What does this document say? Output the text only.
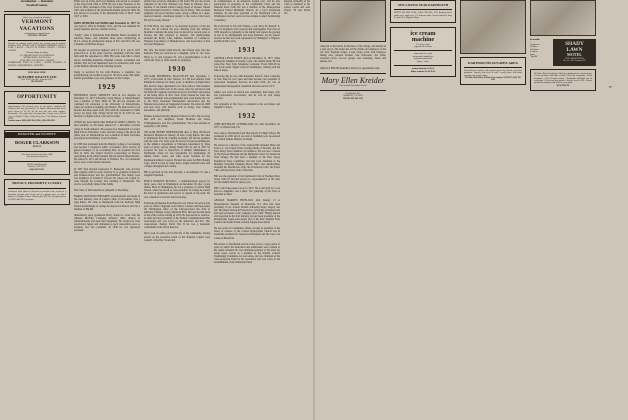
Graduation — Reunions
Football Games
Rent a new, completely furnished
VERMONT
VACATIONS
condominium or upgrade home
• WINTER • SEASON
Payment of minimal family based low periods and all facilities including TWO 18-HOLE GOLF COURSES SWIMMING POOLS • LAKE • BOATS • BEACH 66 TENNIS COURTS • PADDLE COURTS
Nominal charge for riding
51-7 MILLION DOLLAR CLUBHOUSE
WHERE SHOW • BACK ALSO
AVAILABLE ALL SEASON • 2 BEDRM
SUMMERSIDE POOLS & LAKES • WATER WARMTH AT SOURCE CONDOMINIUM • PROPERTY
FREE BROCHURE
QUECHEE REALTY LTD
Box 52596, Quechee, Vermont 05059
802-295-9397
OPPORTUNITY
Approximately 216 elevated acres in one parcel, bounding Mt. Ascutney Ski Area, Brownsville, Vt. Superb valley/mountain views. Good access to Vt. Rt. 44 ski area and area main entrance. Reasonable. Also, eight choice developed lots. Contact owner, MASA Corp, c/o Walter C. Paine, Valley News, Box 5714, Wharton, Vermont 05000.
Contact owner. (802) 649-1381, (0501), (603) 298-8311.
HANOVER and VICINITY
ROGER CLARKSON
Realtor
"Our Professional Service Since 1944"
Your Investment Deserves
303 Meredith Marks Rd.
Hanover, N.H. 03755
(603)-643-5974-1
PRIVACY, PROXIMITY, LUXURY
5-bedroom Deck House in Norwich on wooded in the woods on a bermudas, beached pond at the end of a private road, yet only 4 minutes to Hopkins Center. Unbelievable! $97,500. By appointment. Call (802) 649-1381, no agents.
86
Eddie was an active and loyal alumnus and served as treasurer of the Class from 1954 to 1978. He was Class Treasurer of the Year in 1965, president of the Class Treasurers' Association in 1967, and recipient of the Dartmouth Alumni Award in 1969. He also served as secretary of the Dartmouth Club of M.I.T. from 1927 to 1929.
JOHN WEBSTER SAUNDERS died November 21, 1977. He was born in 1904 in Franklin, N.H., and his son Jonathan M. (Jack) Saunders and two children survive.
"Sandy" came to Dartmouth from Phillips Exeter Academy in Andover, Mass., and remained three years, transferring to M.I.T., where he obtained the degree of B.S. and M.Sc. He was a member of Phi Beta Kappa.
He became an electrical engineer with I.T. & T. and in 1937 joined R.C.A. in the same capacity, remaining with the same firm until his retirement in 1969. His work took him to many places, including Argentina, England, Canada, Greenland, and Atlanta. The two last mentioned were in connection with work on the Ballistic Missile Early Warning System.
Sandy is survived by his wife Barbara, a daughter, two grandchildren, his brother George H. '26 and a sister, His father and his grandfather were also graduates of the College.
1929
FREDERICK DALE SMEDLEY died in Los Angeles on December 15, 1977 following a long illness, as Massachusetts was a member of Beta Theta Pi. He did not graduate but continued his education at the University of Pennsylvania, where he studied accounting and finance. He then served as an Internal Revenue agent from 1941 until his retirement in 1968, except for many duty during World War II. In 1937 he was married to Virginia Linck, who survives him.
WOOD has been married that DONALD JAMES CHILDS, 70, died suddenly on the home entered 67 a December vacation cruise in South America. He prepared for Dartmouth at Crosby High School, Waterbury, Conn., and left college at the end of his junior year. At Dartmouth he was a member of Delta Tau Delta and played in the Barbary Coast Orchestra.
In 1930 Don graduated from the Bentley College of Accounting and became a registered public accountant. After serving as general manager of an accounting firm, he acquired his own firm in 1945, the United Services Corporation of Boston, specializing in the small business field in eastern Massachusetts. He retired in 1974 and moved to Elsmere, Fla., for retirement and to carry on his musical interests.
In 1937 Don married Genevieve E. Bukowski, who survives him, together with two sons, Lindsay N. A. graduate of America and brothers-in-law and two grandchildren. The family were also neighbors of Lilland E. Powers '26, whose son Lyland Jr., went through the recently first building of Dartmouth. The service was wholly mine, in his family.
The Class of 1929 extends its sympathy to the family.
HARRY ATKINSON FORSGREN, an industrialist and leader in the steel industry, died in Ludlow, Ohio, in November after a long illness. He came to Dartmouth from the Peabody High School in Pittsburgh, in college he majored in history and was a member of Phi Phi.
Immediately upon graduation Harry started to work with the Alliance Machine Company, Alliance, Ohio, makers of transformations and steel mill equipment. He worked up from electrician's helper and draftsman to such responsible posts as treasurer and vice president. In 1950 he was appointed president.
and he later served as chairman of the board. He was also board chairman of the First National City Bank in Alliance and a member of the Mount Union College board of trustees. Mount Union President Ronald G. Weber said of Harry, "His excellent judgment and good business sense, always offered in a quiet, reserved manner, contributed greatly to the work of the board. He will be sorely missed."
In 1934 Harry was asked to be Assistant Secretary of the Air Force, but he refused the post. Retiring from the Alliance Machine Company the same year, he moved for several years to Tucson, but then returned to Alliance. His memberships included the Rotary Club, Alliance Chamber of Commerce, National Association of Manufacturers, and Associates of Iron and Steel Engineers.
His wife, the former Ruth Purcell, died fifteen days after her husband. They are survived by a daughter, Lynn O., two sons, Harry A., Jr. and Laurence W., and a granddaughter, to all of whom the Class of 1929 extends its sympathy.
1930
WILLIAM FREDERICK BLAUVELDT died December 1, 1977, at his home in New Vernon, N.J. He had suffered from Parkinson's Disease for many years. A member of Alpha Delta Phi, and his major department was Tuck School. This business training served him well in his career, since he advanced with the Shell Oil Company and then moved to the Ethyl Corporation at the home office in New York. From Guinea he went into industrial relations and organizational plan work during the war at the Navy Personnel Management Association and the National Association of Suggestion Systems. He retired in 1968 and kept busy with hobbies such as bridge, bass fishing, horseshoes, and philately.
Besides married Dorothy Maxine Wilson in 1933. She survives him with two daughters, Diane Beaulieu and Dawn O'Shaughnessey, and five grandchildren. The Class extends its sympathy to the family.
WILLIAM HENRY HEIDENKAMP died at Mary Hitchcock Memorial Hospital on January 19 after a long illness. He came to Dartmouth from the Cushing Academy, but did not graduate with the class. For some years he served as head groundskeeper in the athletics department at Princeton interrupted by three years of Army service during World War II, and in 1957 he accepted the post of Supervisor of Athletic Maintenance at Dartmouth, where he was responsible for maintaining all athletic fields, tracks, and other sports facilities for the Dartmouth Athletic Council. He held the posts for Bill's Batting Cage, which is used by many major league baseball teams and colleges throughout the country.
Bill is survived by his wife Dorothy, a son Michael '72, and a daughter Elizabeth.
PERCY HOSKINS RUSSELL, a communications lawyer for many years, died in Washington on December 30 after a long illness. Born in Washington, he was a graduate of Central High School, where he served as class president. In college he earned his letter in gymnastics and served as captain of the team. He was a member of Zeta Psi and Green Key.
Following graduation from Harvard Law School, he served four years as clerk to Supreme Court Justice Cardozo and then joined the Washington office of the Chicago-based law firm of Kirkland, Fleming, Green, Martin & Ellis. He later became head of the office before retiring in 1974. He had served as solicitor-in-chief and later president of the Federal Communications Bar Association and was active in the American and D.C. Bar Associations. During World War II he was a lieutenant commander in the Naval Reserve.
Percy took an active part in the life of his community, having served on the executive board of the National Capital Area Council of the Boy Scouts and
as commissioner of an American Legion post, and he also participated in programs of the Community Chest and the National Press Club. He was a member of the Metropolitan Memorial United Methodist Church. As a loyal Dartmouth alumnus, he had been president of the Dartmouth Club of Washington and had served on the Alumni Council Nominating Committee.
He is survived by his wife Winnie, a son, Percy H. Russell, Jr. '63, two daughters, and a stepson and stepdaughter. The Class of 1930 extends its sympathy to the family and regrets the passing of one of its distinguished and loyal members. As the funeral services he had also been represented by Wellington S. Bigelow and Harold M. Leich.
1931
ARTHUR LEWIS HAYES died on December 15, 1977, while visiting his daughter in Darien, Conn., his sudden death. He had joined the New York Telephone Company. From 1965-66 he was in the Army Signal Corps in Washington, retiring with the rank of major.
Following this he was with Automatic Electric Sales Company of New York for four years and then became vice president of Associated Telephone Services Ltd until 1950. Art was an independent management consultant and later served at TT.
Arthur was active in church and community, held many civic and professional associations, and he was an avid stamp collector.
The sympathy of the Class is extended to his son Robert and daughter Carolyn.
1932
JOHN REYNOLDS SUTHERLAND, 67, died November 18, 1977, in Winter Park, Fla.
Jack came to Dartmouth from Moravia (N.Y.) High School. He graduated in 1932 and in our end of freshman year, he entered the Central Islands Military Academy.
He served as a director of the Jacksonville National Bank and Trust Co., the United Estate Savings Bank of Newark, and the New Jersey State Chamber of Commerce. He was also a trustee of The Newark Museum and the Memorial Center for Women in West Orange. He had been a member of the New Jersey Republican State Committee and had been chairman of the Morning Township Planning Board. Bill's club memberships included the Morristown Club, the Downtown Club, the Essex Club, and the Rotary Club of Newark.
Bill was the president of the Dartmouth Club of Northern New Jersey 1942-47 and had served as a representative of the class for the Alumni Fund for many years.
Bill's wife Edna passed away in 1972. He is survived by a son and two daughters, and a sister. The sympathy of the Class is extended to them.
GEORGE WARREN FREELOCK died January 13 at Massachusetts Hospital in Montclair, N.J. Bud had been extremely ill for several months following major surgery last fall. He joined Stetson & Freeock Inc. following graduation and had been president of the company since 1962. Widely known and respected in the fruit industry, he had been president of the International Apple Association and of the New England Fruit Council and Grand Trunk of Rural Supply Association.
He was active in community affairs, serving as president of the board of trustees of the Central Presbyterian Church and in leadership positions for Greenwoods Hospital and the Cape Cod Cruise in Montclair.
His service to Dartmouth and the Class covers a long period of years in which his dedication and enthusiasm were evident at the results obtained. He was chairman-secretary of the Class for seven years, served as a member of the Alumni Council Nominating Committee for four terms, and was chairman of the class-sponsored Fund for his classmates and was active in the establishment of the Sanderson Fund.
Deepest sympathy of the Class is extended to his widow Lucile and sons Wayne '59 and David '62.
Adjacent to the beach, in the heart of the village, and nestled in a pine grove, this home has all the charm and ambience of the old New England lodges. Large living room with fireplace, dining area, modern kitchen, four bedrooms, two baths, screened porch, two-car garage, and workshop. Taxes and upkeep low.
Offered at $89,500 furnished. Shown by appointment only.
Mary Ellen Kreider
"Personalized Real Estate Service"
HANOVER, N.H.
NORWICH, VT. 05055
PHONE 802-649-1734
NEW LISTING NEAR DARTMOUTH
SUNNY ON ONE ACRE, LOW CEIL-ING, N.H. Rustling brook, garden area, apple trees. 2-3 bedroom cabin, layout winterized, busy in small, New England village.
ice cream
machine
27 leftover street
(opposite the station)
home-made ice cream
syrian-pouch sandwiches
vegetarian sandwiches
pastry • coffee
sunday-thursday 11:30-11
friday-saturday 11:30-11:30
DARTMOUTH-SUNAPEE AREA
Four-bedroom residence with separate guest wing. Brook, pond, pine plantation. Property both sides of road. A pretty place with many amenities and a rural setting.
$131,000. Bud White, Realtor, New London, NH 03257 (603) 526-2101
Reasonable
...
Location in
Facilities
Selections
Location
Prices
"Try Us"
SHADY
LAWN
MOTEL
THE SORRENTINOS
Rte 10 • West Lebanon NH
24 Units • Buffet breakfasts • Efficiency apartments for extended stays • Color television with cable on table • Near fine restaurants • Room telephones • Near Vermont waters • Dartmouth individual tour & convention • Drive-road tour guided • 4 miles west of I-89 • Owner operated & managed with pride in every detail.
(603) 298-8721	87
